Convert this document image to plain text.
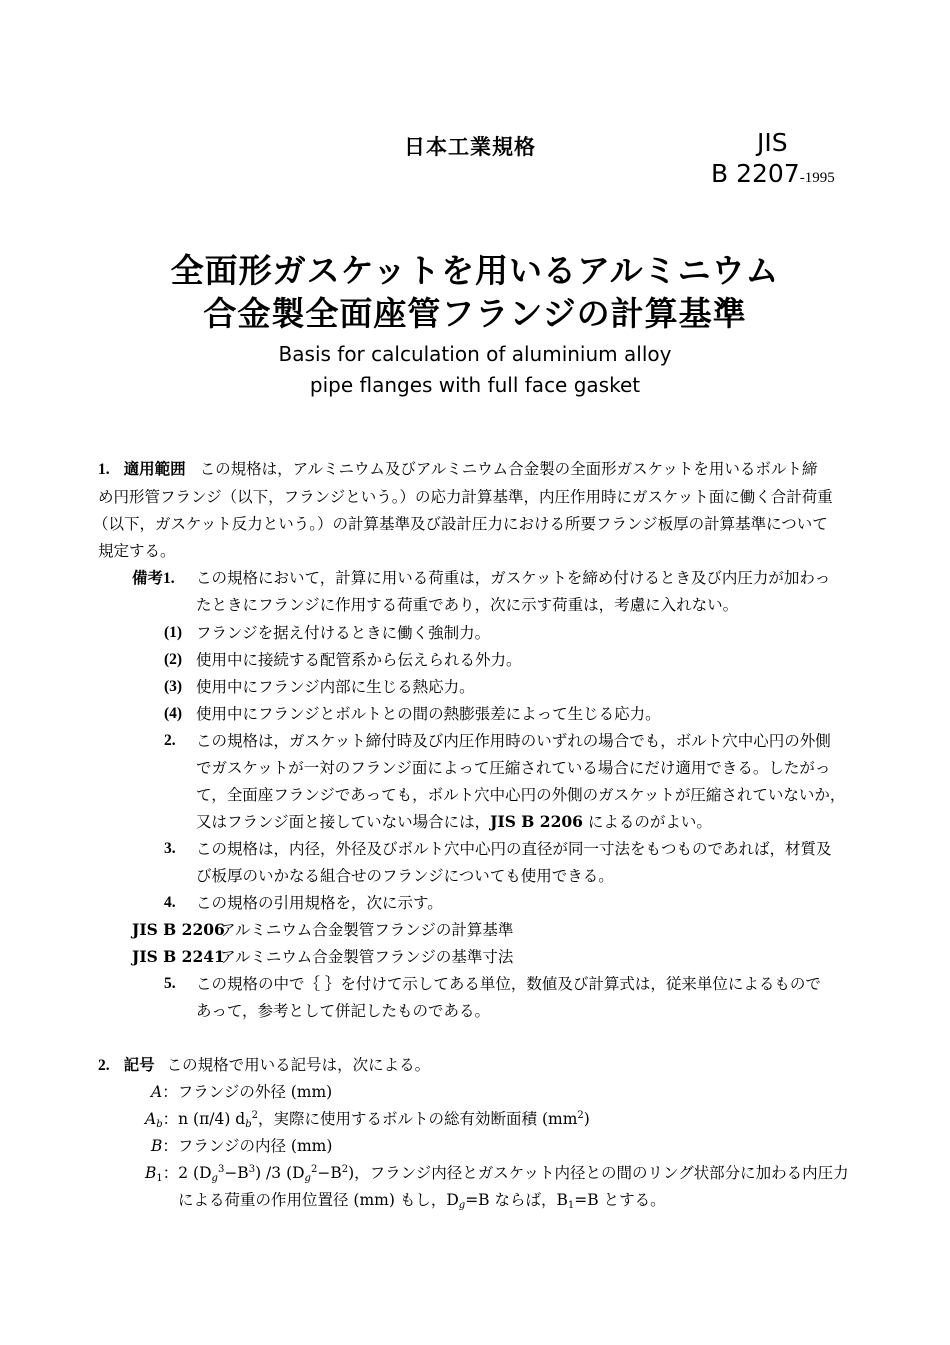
日本工業規格	JIS
B 2207-1995
全面形ガスケットを用いるアルミニウム
合金製全面座管フランジの計算基準
Basis for calculation of aluminium alloy
pipe flanges with full face gasket
1. 適用範囲 この規格は，アルミニウム及びアルミニウム合金製の全面形ガスケットを用いるボルト締
め円形管フランジ（以下，フランジという。）の応力計算基準，内圧作用時にガスケット面に働く合計荷重
（以下，ガスケット反力という。）の計算基準及び設計圧力における所要フランジ板厚の計算基準について
規定する。
備考1. この規格において，計算に用いる荷重は，ガスケットを締め付けるとき及び内圧力が加わっ
たときにフランジに作用する荷重であり，次に示す荷重は，考慮に入れない。
(1) フランジを据え付けるときに働く強制力。
(2) 使用中に接続する配管系から伝えられる外力。
(3) 使用中にフランジ内部に生じる熱応力。
(4) 使用中にフランジとボルトとの間の熱膨張差によって生じる応力。
2. この規格は，ガスケット締付時及び内圧作用時のいずれの場合でも，ボルト穴中心円の外側
でガスケットが一対のフランジ面によって圧縮されている場合にだけ適用できる。したがっ
て，全面座フランジであっても，ボルト穴中心円の外側のガスケットが圧縮されていないか，
又はフランジ面と接していない場合には，JIS B 2206 によるのがよい。
3. この規格は，内径，外径及びボルト穴中心円の直径が同一寸法をもつものであれば，材質及
び板厚のいかなる組合せのフランジについても使用できる。
4. この規格の引用規格を，次に示す。
JIS B 2206
アルミニウム合金製管フランジの計算基準
JIS B 2241
アルミニウム合金製管フランジの基準寸法
5. この規格の中で｛ ｝を付けて示してある単位，数値及び計算式は，従来単位によるもので
あって，参考として併記したものである。
2. 記号 この規格で用いる記号は，次による。
A：フランジの外径 (mm)
$A_b$：n (π/4) $d_b^2$，実際に使用するボルトの総有効断面積 $(mm^2)$
B：フランジの内径 (mm)
$B_1$：2 $(D_g^3-B^3)$ /3 $(D_g^2-B^2)$，フランジ内径とガスケット内径との間のリング状部分に加わる内圧力
による荷重の作用位置径 (mm) もし，$D_g=B$ ならば，$B_1=B$ とする。
